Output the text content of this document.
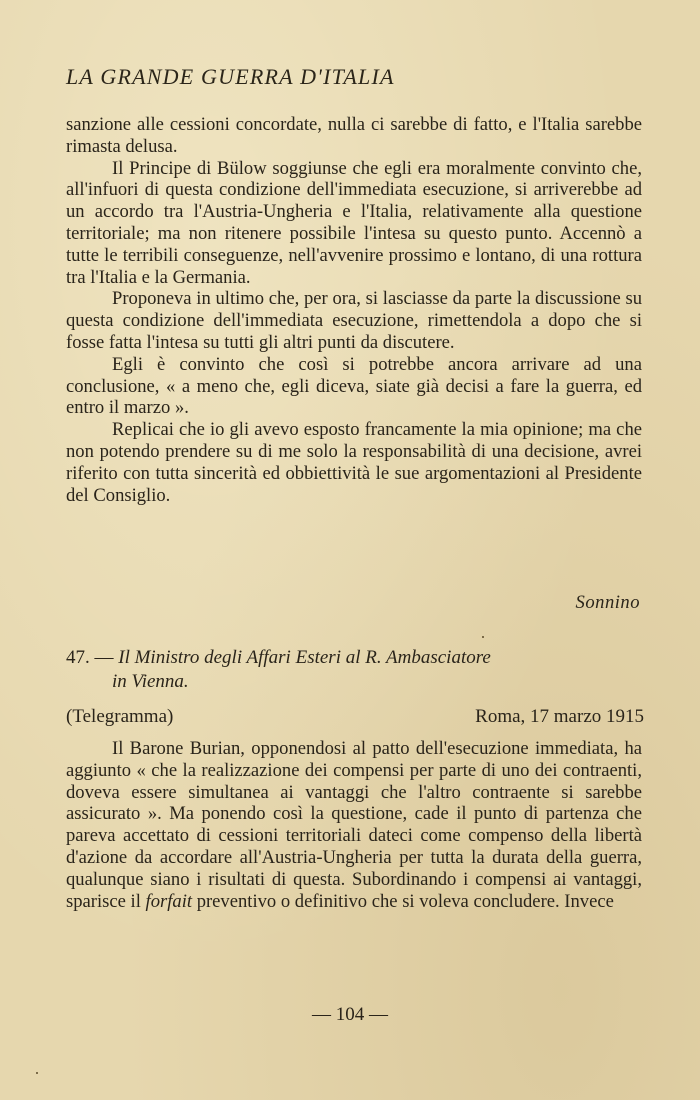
LA GRANDE GUERRA D'ITALIA

sanzione alle cessioni concordate, nulla ci sarebbe di fatto, e l'Italia sarebbe rimasta delusa.

Il Principe di Bülow soggiunse che egli era moralmente convinto che, all'infuori di questa condizione dell'immediata esecuzione, si arriverebbe ad un accordo tra l'Austria-Ungheria e l'Italia, relativamente alla questione territoriale; ma non ritenere possibile l'intesa su questo punto. Accennò a tutte le terribili conseguenze, nell'avvenire prossimo e lontano, di una rottura tra l'Italia e la Germania.

Proponeva in ultimo che, per ora, si lasciasse da parte la discussione su questa condizione dell'immediata esecuzione, rimettendola a dopo che si fosse fatta l'intesa su tutti gli altri punti da discutere.

Egli è convinto che così si potrebbe ancora arrivare ad una conclusione, « a meno che, egli diceva, siate già decisi a fare la guerra, ed entro il marzo ».

Replicai che io gli avevo esposto francamente la mia opinione; ma che non potendo prendere su di me solo la responsabilità di una decisione, avrei riferito con tutta sincerità ed obbiettività le sue argomentazioni al Presidente del Consiglio.

Sonnino
47. — Il Ministro degli Affari Esteri al R. Ambasciatore
in Vienna.
(Telegramma)	Roma, 17 marzo 1915

Il Barone Burian, opponendosi al patto dell'esecuzione immediata, ha aggiunto « che la realizzazione dei compensi per parte di uno dei contraenti, doveva essere simultanea ai vantaggi che l'altro contraente si sarebbe assicurato ». Ma ponendo così la questione, cade il punto di partenza che pareva accettato di cessioni territoriali dateci come compenso della libertà d'azione da accordare all'Austria-Ungheria per tutta la durata della guerra, qualunque siano i risultati di questa. Subordinando i compensi ai vantaggi, sparisce il forfait preventivo o definitivo che si voleva concludere. Invece

— 104 —
